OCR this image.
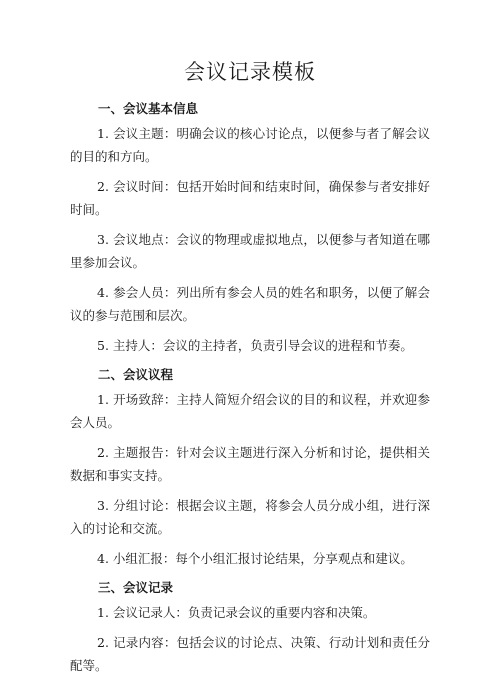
会议记录模板
一、会议基本信息

1. 会议主题：明确会议的核心讨论点，以便参与者了解会议的目的和方向。

2. 会议时间：包括开始时间和结束时间，确保参与者安排好时间。

3. 会议地点：会议的物理或虚拟地点，以便参与者知道在哪里参加会议。

4. 参会人员：列出所有参会人员的姓名和职务，以便了解会议的参与范围和层次。

5. 主持人：会议的主持者，负责引导会议的进程和节奏。

二、会议议程

1. 开场致辞：主持人简短介绍会议的目的和议程，并欢迎参会人员。

2. 主题报告：针对会议主题进行深入分析和讨论，提供相关数据和事实支持。

3. 分组讨论：根据会议主题，将参会人员分成小组，进行深入的讨论和交流。

4. 小组汇报：每个小组汇报讨论结果，分享观点和建议。

三、会议记录

1. 会议记录人：负责记录会议的重要内容和决策。

2. 记录内容：包括会议的讨论点、决策、行动计划和责任分配等。
